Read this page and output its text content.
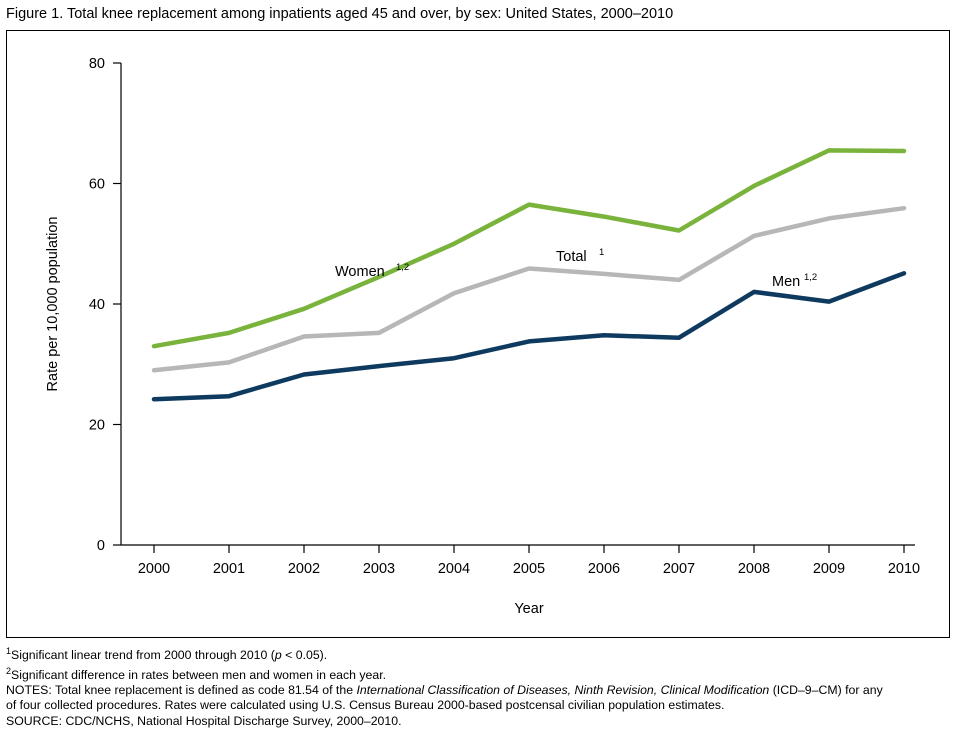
Figure 1. Total knee replacement among inpatients aged 45 and over, by sex: United States, 2000–2010
0
20
40
60
80
2000	2001	2002	2003	2004	2005	2006	2007	2008	2009	2010
Year
Rate per 10,000 population	Women 1,2
Total 1
Men 1,2
$^1$Significant linear trend from 2000 through 2010 (p < 0.05).
$^2$Significant difference in rates between men and women in each year.
NOTES: Total knee replacement is defined as code 81.54 of the International Classification of Diseases, Ninth Revision, Clinical Modification (ICD–9–CM) for any
of four collected procedures. Rates were calculated using U.S. Census Bureau 2000-based postcensal civilian population estimates.
SOURCE: CDC/NCHS, National Hospital Discharge Survey, 2000–2010.
